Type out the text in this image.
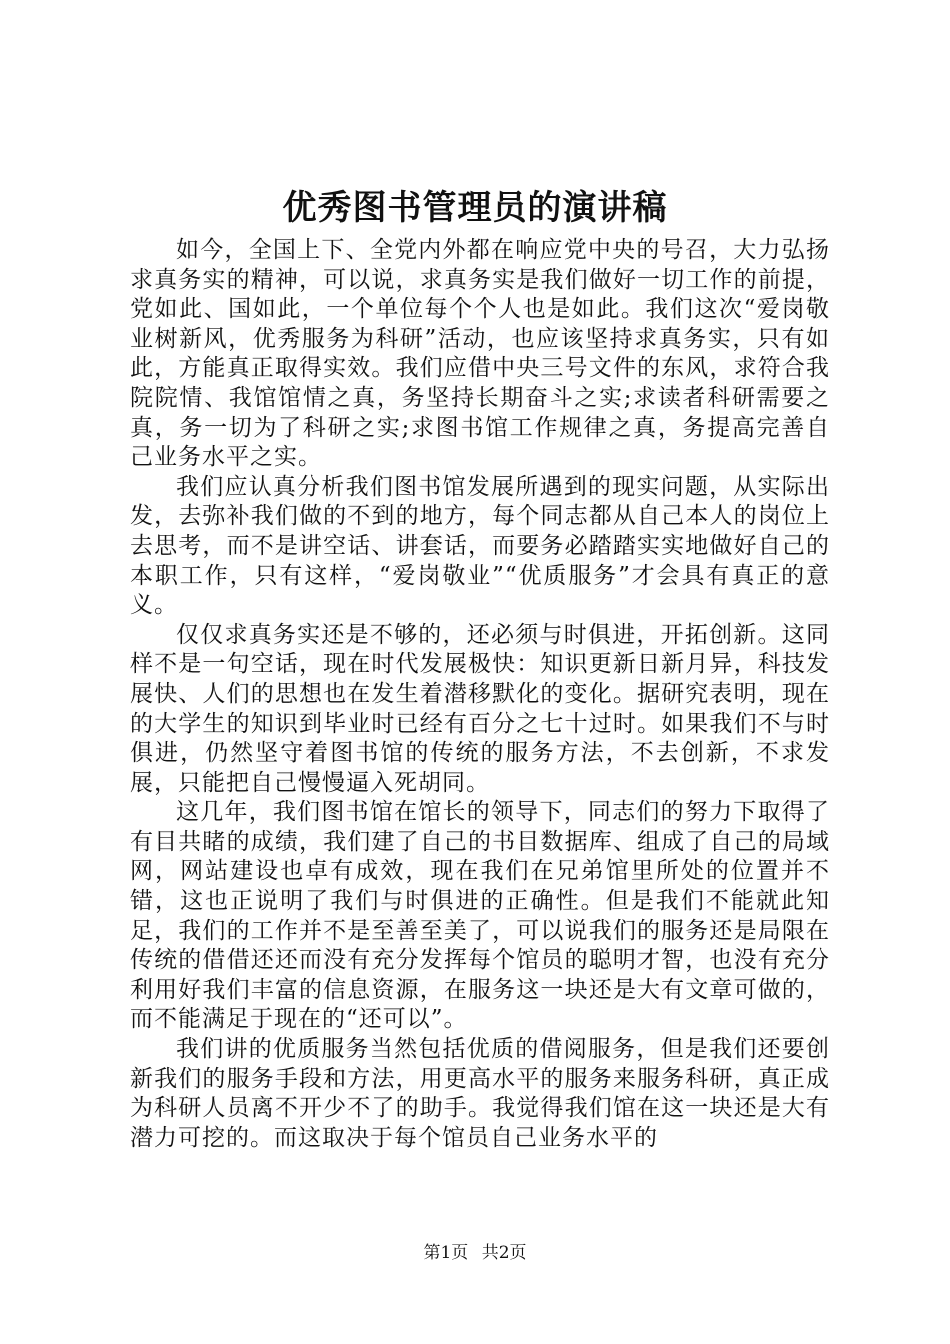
优秀图书管理员的演讲稿

如今，全国上下、全党内外都在响应党中央的号召，大力弘扬求真务实的精神，可以说，求真务实是我们做好一切工作的前提，党如此、国如此，一个单位每个个人也是如此。我们这次“爱岗敬业树新风，优秀服务为科研”活动，也应该坚持求真务实，只有如此，方能真正取得实效。我们应借中央三号文件的东风，求符合我院院情、我馆馆情之真，务坚持长期奋斗之实;求读者科研需要之真，务一切为了科研之实;求图书馆工作规律之真，务提高完善自己业务水平之实。

我们应认真分析我们图书馆发展所遇到的现实问题，从实际出发，去弥补我们做的不到的地方，每个同志都从自己本人的岗位上去思考，而不是讲空话、讲套话，而要务必踏踏实实地做好自己的本职工作，只有这样，“爱岗敬业”“优质服务”才会具有真正的意义。

仅仅求真务实还是不够的，还必须与时俱进，开拓创新。这同样不是一句空话，现在时代发展极快：知识更新日新月异，科技发展快、人们的思想也在发生着潜移默化的变化。据研究表明，现在的大学生的知识到毕业时已经有百分之七十过时。如果我们不与时俱进，仍然坚守着图书馆的传统的服务方法，不去创新，不求发展，只能把自己慢慢逼入死胡同。

这几年，我们图书馆在馆长的领导下，同志们的努力下取得了有目共睹的成绩，我们建了自己的书目数据库、组成了自己的局域网，网站建设也卓有成效，现在我们在兄弟馆里所处的位置并不错，这也正说明了我们与时俱进的正确性。但是我们不能就此知足，我们的工作并不是至善至美了，可以说我们的服务还是局限在传统的借借还还而没有充分发挥每个馆员的聪明才智，也没有充分利用好我们丰富的信息资源，在服务这一块还是大有文章可做的，而不能满足于现在的“还可以”。

我们讲的优质服务当然包括优质的借阅服务，但是我们还要创新我们的服务手段和方法，用更高水平的服务来服务科研，真正成为科研人员离不开少不了的助手。我觉得我们馆在这一块还是大有潜力可挖的。而这取决于每个馆员自己业务水平的

第1页 共2页
